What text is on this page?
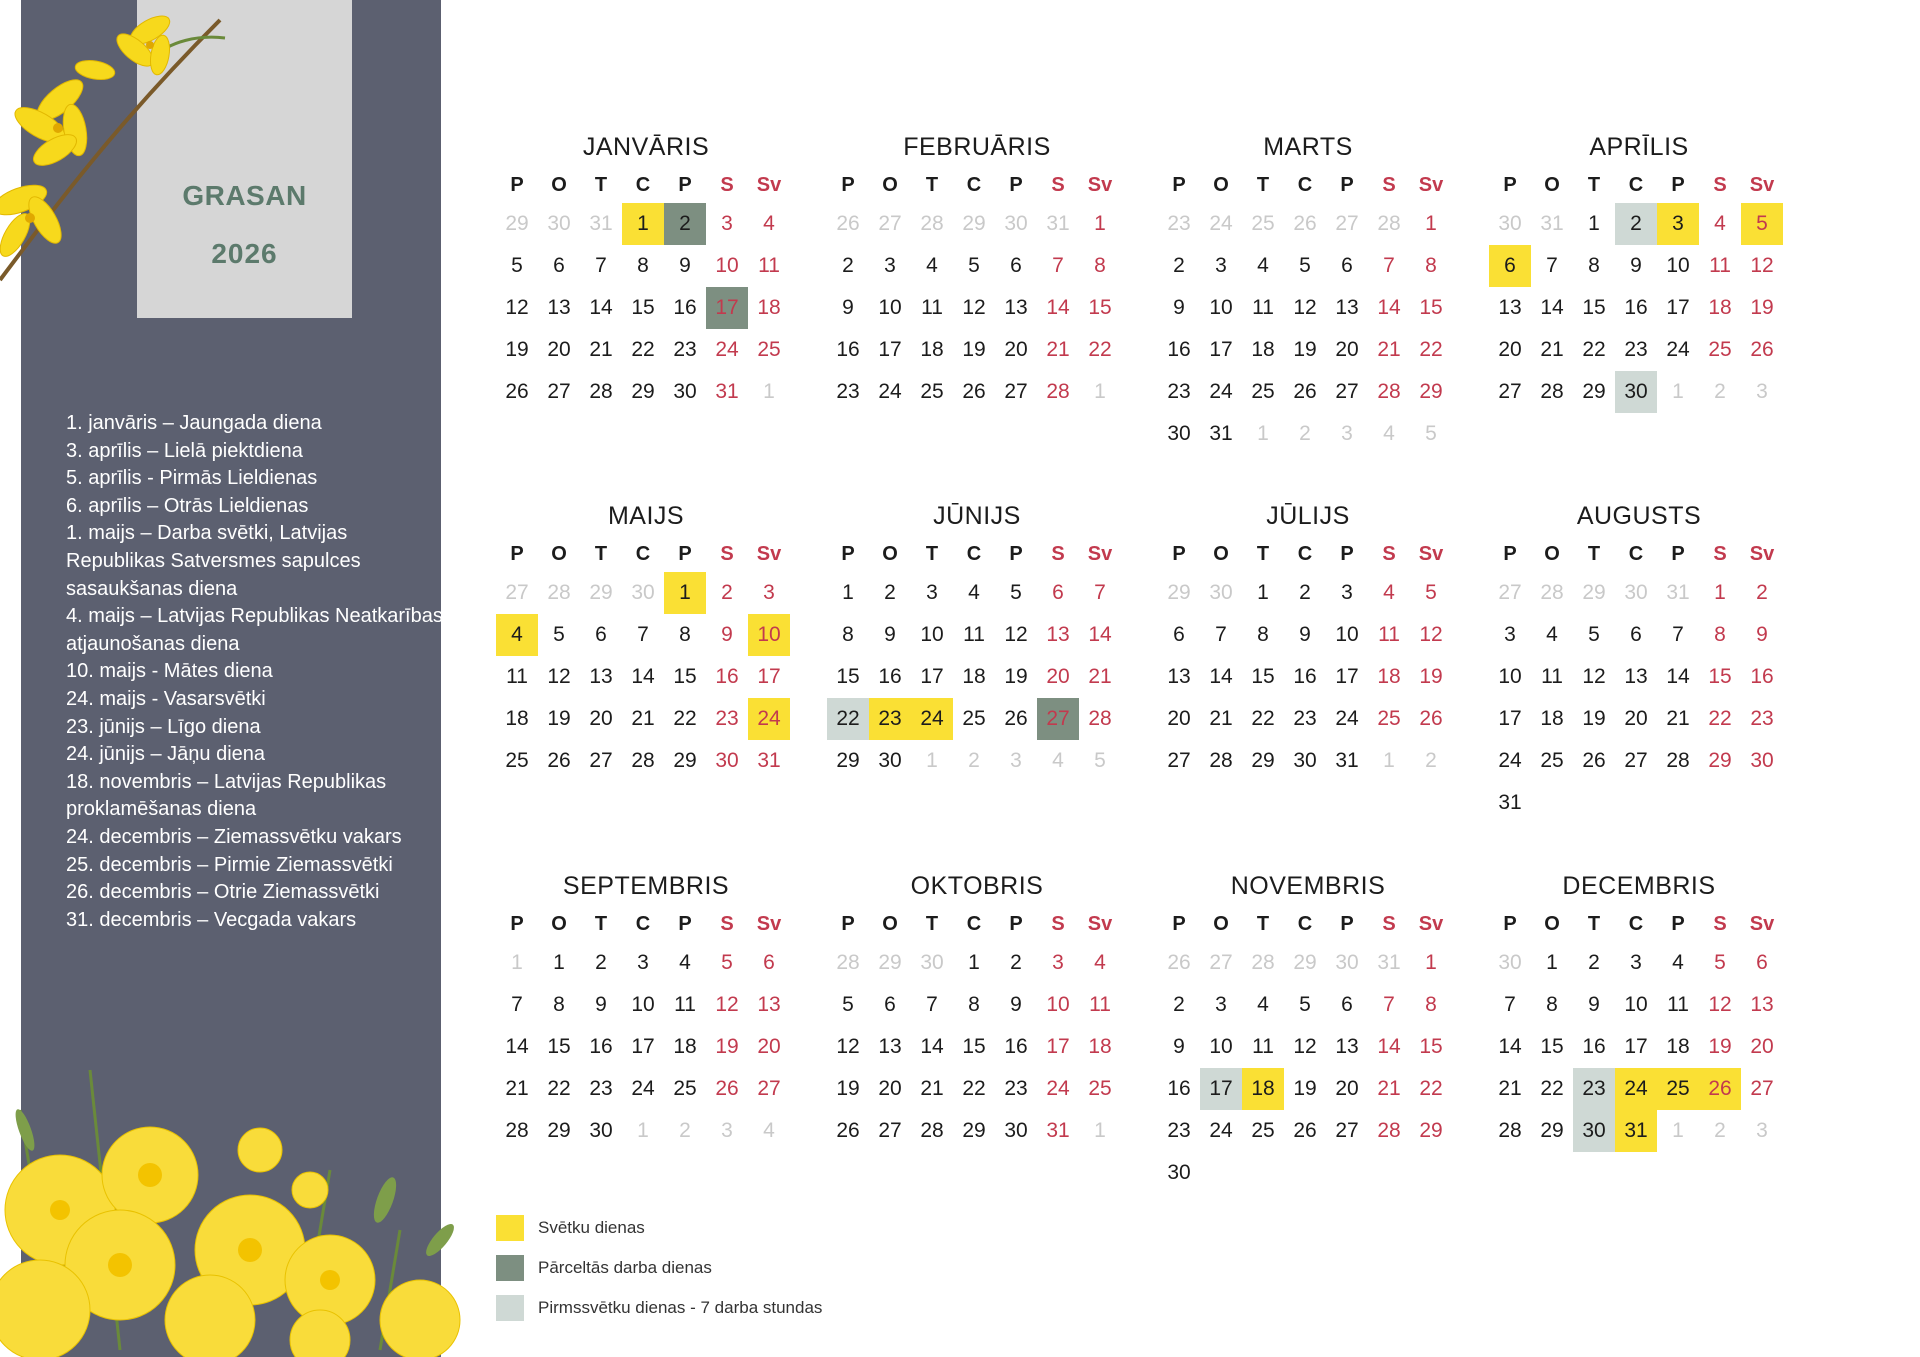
GRASAN
2026
1. janvāris – Jaungada diena
3. aprīlis – Lielā piektdiena
5. aprīlis - Pirmās Lieldienas
6. aprīlis – Otrās Lieldienas
1. maijs – Darba svētki, Latvijas Republikas Satversmes sapulces sasaukšanas diena
4. maijs – Latvijas Republikas Neatkarības atjaunošanas diena
10. maijs - Mātes diena
24. maijs - Vasarsvētki
23. jūnijs – Līgo diena
24. jūnijs – Jāņu diena
18. novembris – Latvijas Republikas proklamēšanas diena
24. decembris – Ziemassvētku vakars
25. decembris – Pirmie Ziemassvētki
26. decembris – Otrie Ziemassvētki
31. decembris – Vecgada vakars
JANVĀRIS
P	O	T	C	P	S	Sv
29 30 31	1	2	3	4
5	6	7	8	9	10 11
12 13 14 15 16 17 18
19 20 21 22 23 24 25
26 27 28 29 30 31	1
FEBRUĀRIS
P	O	T	C	P	S	Sv
26 27 28 29 30 31	1
2	3	4	5	6	7	8
9	10 11 12 13 14 15
16 17 18 19 20 21 22
23 24 25 26 27 28	1
MARTS
P	O	T	C	P	S	Sv
23 24 25 26 27 28	1
2	3	4	5	6	7	8
9	10 11 12 13 14 15
16 17 18 19 20 21 22
23 24 25 26 27 28 29
30 31	1	2	3	4	5
APRĪLIS
P	O	T	C	P	S	Sv
30 31	1	2	3	4	5
6	7	8	9	10 11 12
13 14 15 16 17 18 19
20 21 22 23 24 25 26
27 28 29 30	1	2	3
MAIJS
P	O	T	C	P	S	Sv
27 28 29 30	1	2	3
4	5	6	7	8	9	10
11 12 13 14 15 16 17
18 19 20 21 22 23 24
25 26 27 28 29 30 31
JŪNIJS
P	O	T	C	P	S	Sv
1	2	3	4	5	6	7
8	9	10 11 12 13 14
15 16 17 18 19 20 21
22 23 24 25 26 27 28
29 30	1	2	3	4	5
JŪLIJS
P	O	T	C	P	S	Sv
29 30	1	2	3	4	5
6	7	8	9	10 11 12
13 14 15 16 17 18 19
20 21 22 23 24 25 26
27 28 29 30 31	1	2
AUGUSTS
P	O	T	C	P	S	Sv
27 28 29 30 31	1	2
3	4	5	6	7	8	9
10 11 12 13 14 15 16
17 18 19 20 21 22 23
24 25 26 27 28 29 30
31
SEPTEMBRIS
P	O	T	C	P	S	Sv
1	1	2	3	4	5	6
7	8	9	10 11 12 13
14 15 16 17 18 19 20
21 22 23 24 25 26 27
28 29 30	1	2	3	4
OKTOBRIS
P	O	T	C	P	S	Sv
28 29 30	1	2	3	4
5	6	7	8	9	10 11
12 13 14 15 16 17 18
19 20 21 22 23 24 25
26 27 28 29 30 31	1
NOVEMBRIS
P	O	T	C	P	S	Sv
26 27 28 29 30 31	1
2	3	4	5	6	7	8
9	10 11 12 13 14 15
16 17 18 19 20 21 22
23 24 25 26 27 28 29
30
DECEMBRIS
P	O	T	C	P	S	Sv
30	1	2	3	4	5	6
7	8	9	10 11 12 13
14 15 16 17 18 19 20
21 22 23 24 25 26 27
28 29 30 31	1	2	3
Svētku dienas
Pārceltās darba dienas
Pirmssvētku dienas - 7 darba stundas
